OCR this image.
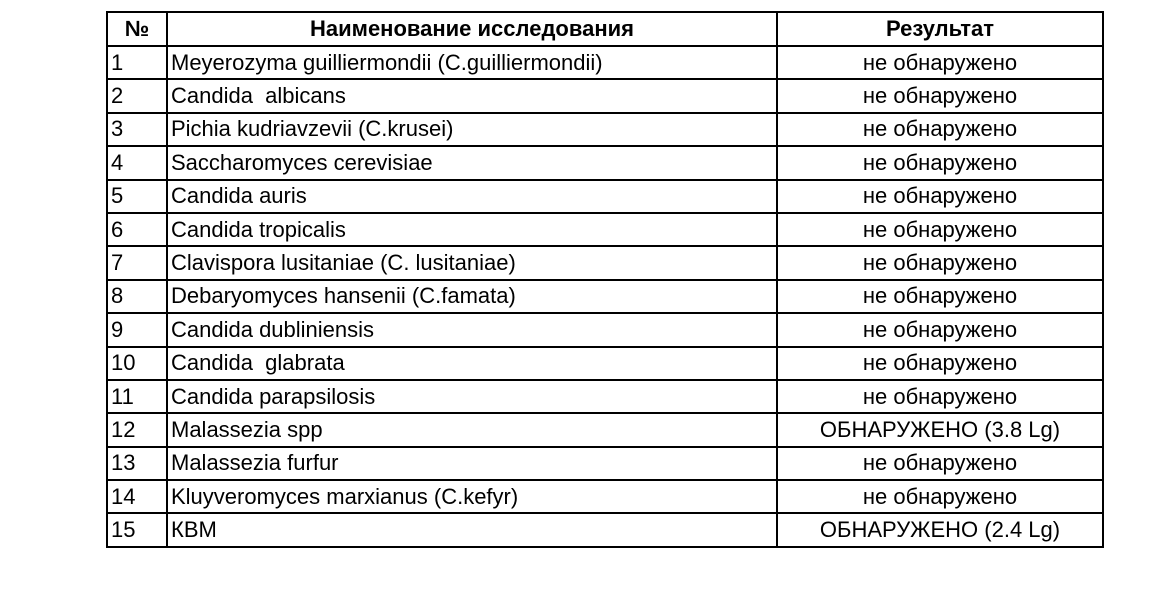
№	Наименование исследования	Результат
1	Meyerozyma guilliermondii (C.guilliermondii)	не обнаружено
2	Candida  albicans	не обнаружено
3	Pichia kudriavzevii (C.krusei)	не обнаружено
4	Saccharomyces cerevisiae	не обнаружено
5	Candida auris	не обнаружено
6	Candida tropicalis	не обнаружено
7	Clavispora lusitaniae (C. lusitaniae)	не обнаружено
8	Debaryomyces hansenii (C.famata)	не обнаружено
9	Candida dubliniensis	не обнаружено
10	Candida  glabrata	не обнаружено
11	Candida parapsilosis	не обнаружено
12	Malassezia spp	ОБНАРУЖЕНО (3.8 Lg)
13	Malassezia furfur	не обнаружено
14	Kluyveromyces marxianus (C.kefyr)	не обнаружено
15	КВМ	ОБНАРУЖЕНО (2.4 Lg)
